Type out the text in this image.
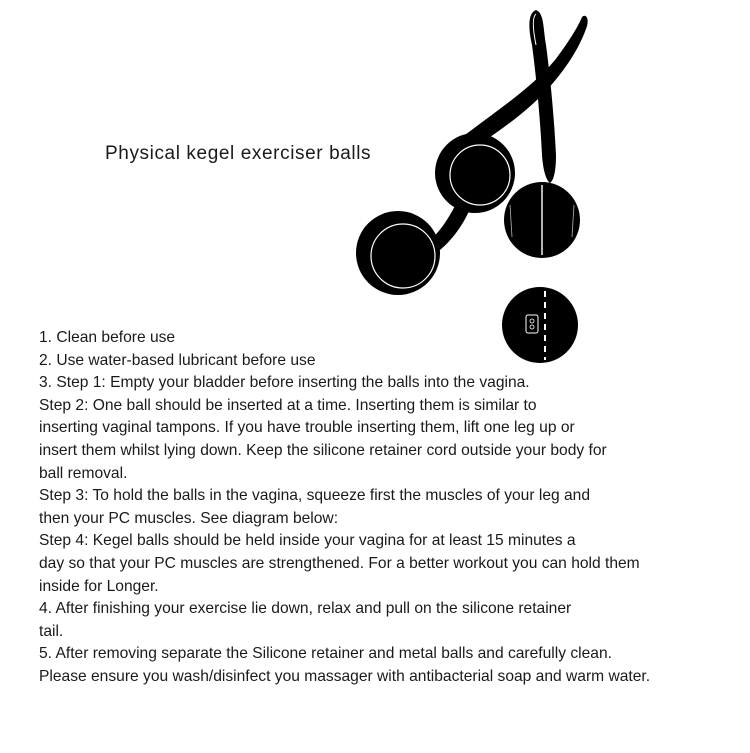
Physical kegel exerciser balls
1. Clean before use
2. Use water-based lubricant before use
3. Step 1: Empty your bladder before inserting the balls into the vagina.
Step 2: One ball should be inserted at a time. Inserting them is similar to
inserting vaginal tampons. If you have trouble inserting them, lift one leg up or
insert them whilst lying down. Keep the silicone retainer cord outside your body for
ball removal.
Step 3: To hold the balls in the vagina, squeeze first the muscles of your leg and
then your PC muscles. See diagram below:
Step 4: Kegel balls should be held inside your vagina for at least 15 minutes a
day so that your PC muscles are strengthened. For a better workout you can hold them
inside for Longer.
4. After finishing your exercise lie down, relax and pull on the silicone retainer
tail.
5. After removing separate the Silicone retainer and metal balls and carefully clean.
Please ensure you wash/disinfect you massager with antibacterial soap and warm water.
